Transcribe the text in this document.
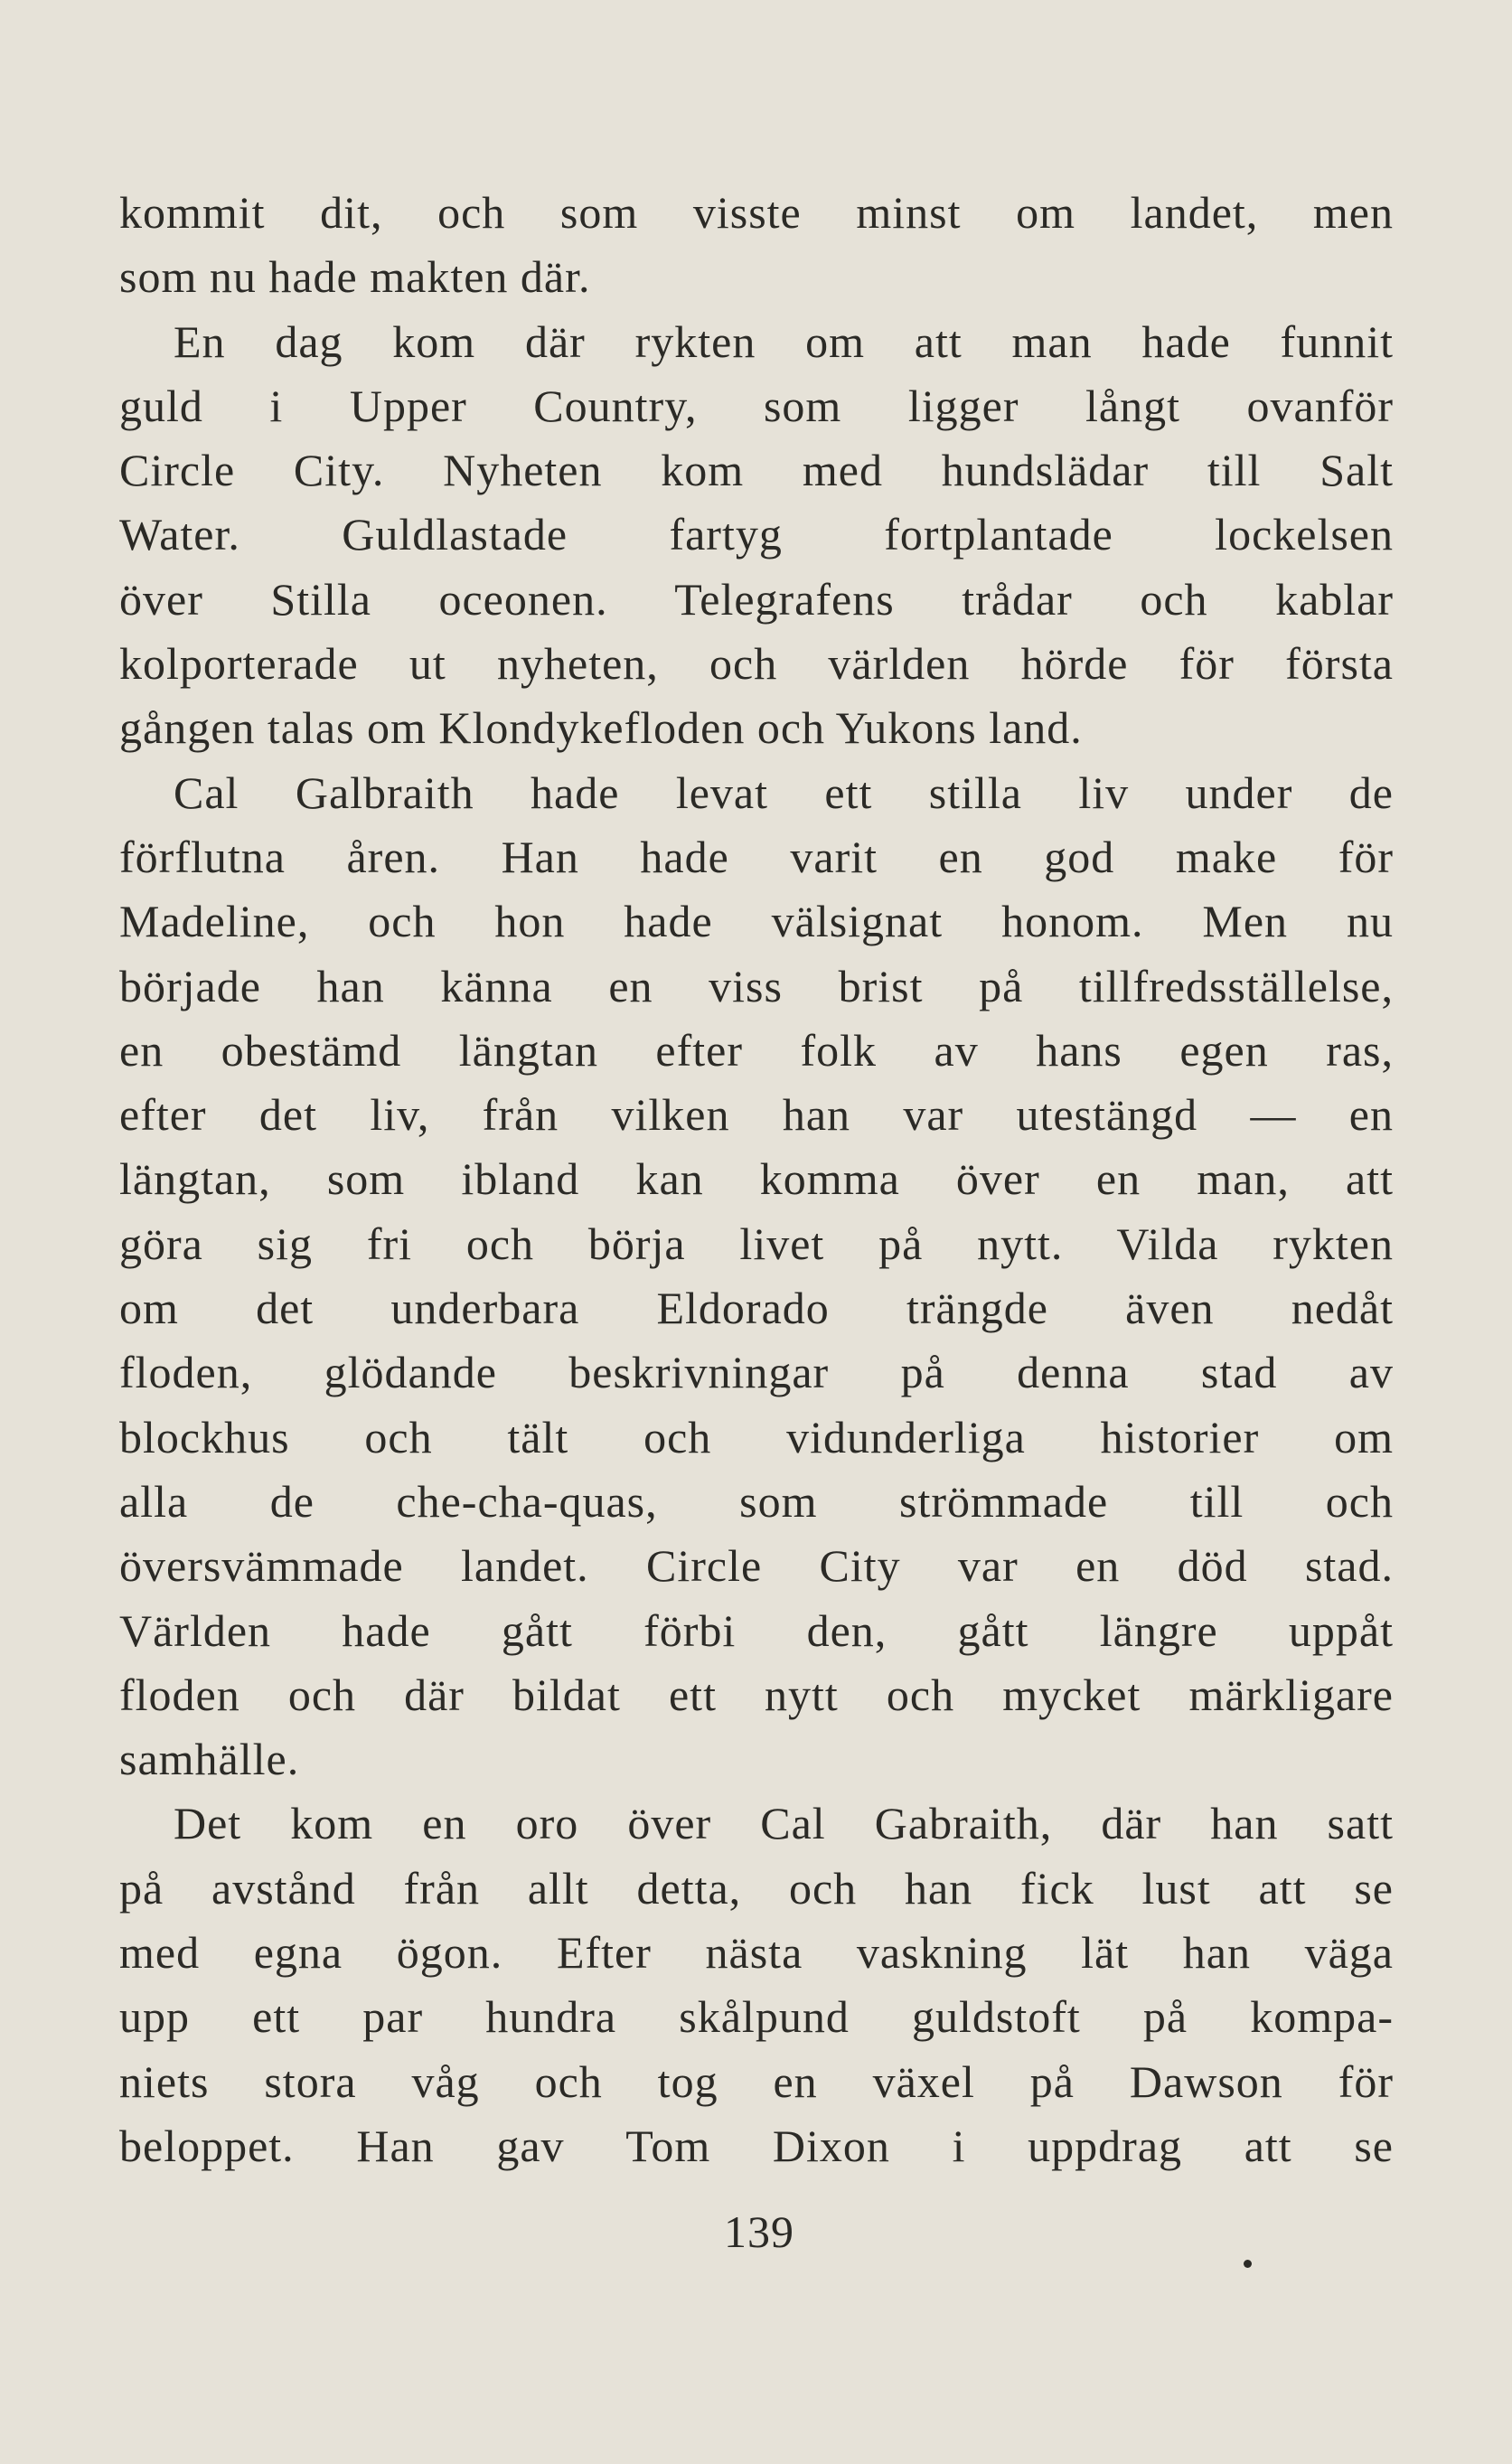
kommit dit, och som visste minst om landet, men
som nu hade makten där.
En dag kom där rykten om att man hade funnit
guld i Upper Country, som ligger långt ovanför
Circle City. Nyheten kom med hundslädar till Salt
Water. Guldlastade fartyg fortplantade lockelsen
över Stilla oceonen. Telegrafens trådar och kablar
kolporterade ut nyheten, och världen hörde för första
gången talas om Klondykefloden och Yukons land.
Cal Galbraith hade levat ett stilla liv under de
förflutna åren. Han hade varit en god make för
Madeline, och hon hade välsignat honom. Men nu
började han känna en viss brist på tillfredsställelse,
en obestämd längtan efter folk av hans egen ras,
efter det liv, från vilken han var utestängd — en
längtan, som ibland kan komma över en man, att
göra sig fri och börja livet på nytt. Vilda rykten
om det underbara Eldorado trängde även nedåt
floden, glödande beskrivningar på denna stad av
blockhus och tält och vidunderliga historier om
alla de che-cha-quas, som strömmade till och
översvämmade landet. Circle City var en död stad.
Världen hade gått förbi den, gått längre uppåt
floden och där bildat ett nytt och mycket märkligare
samhälle.
Det kom en oro över Cal Gabraith, där han satt
på avstånd från allt detta, och han fick lust att se
med egna ögon. Efter nästa vaskning lät han väga
upp ett par hundra skålpund guldstoft på kompa-
niets stora våg och tog en växel på Dawson för
beloppet. Han gav Tom Dixon i uppdrag att se
139
